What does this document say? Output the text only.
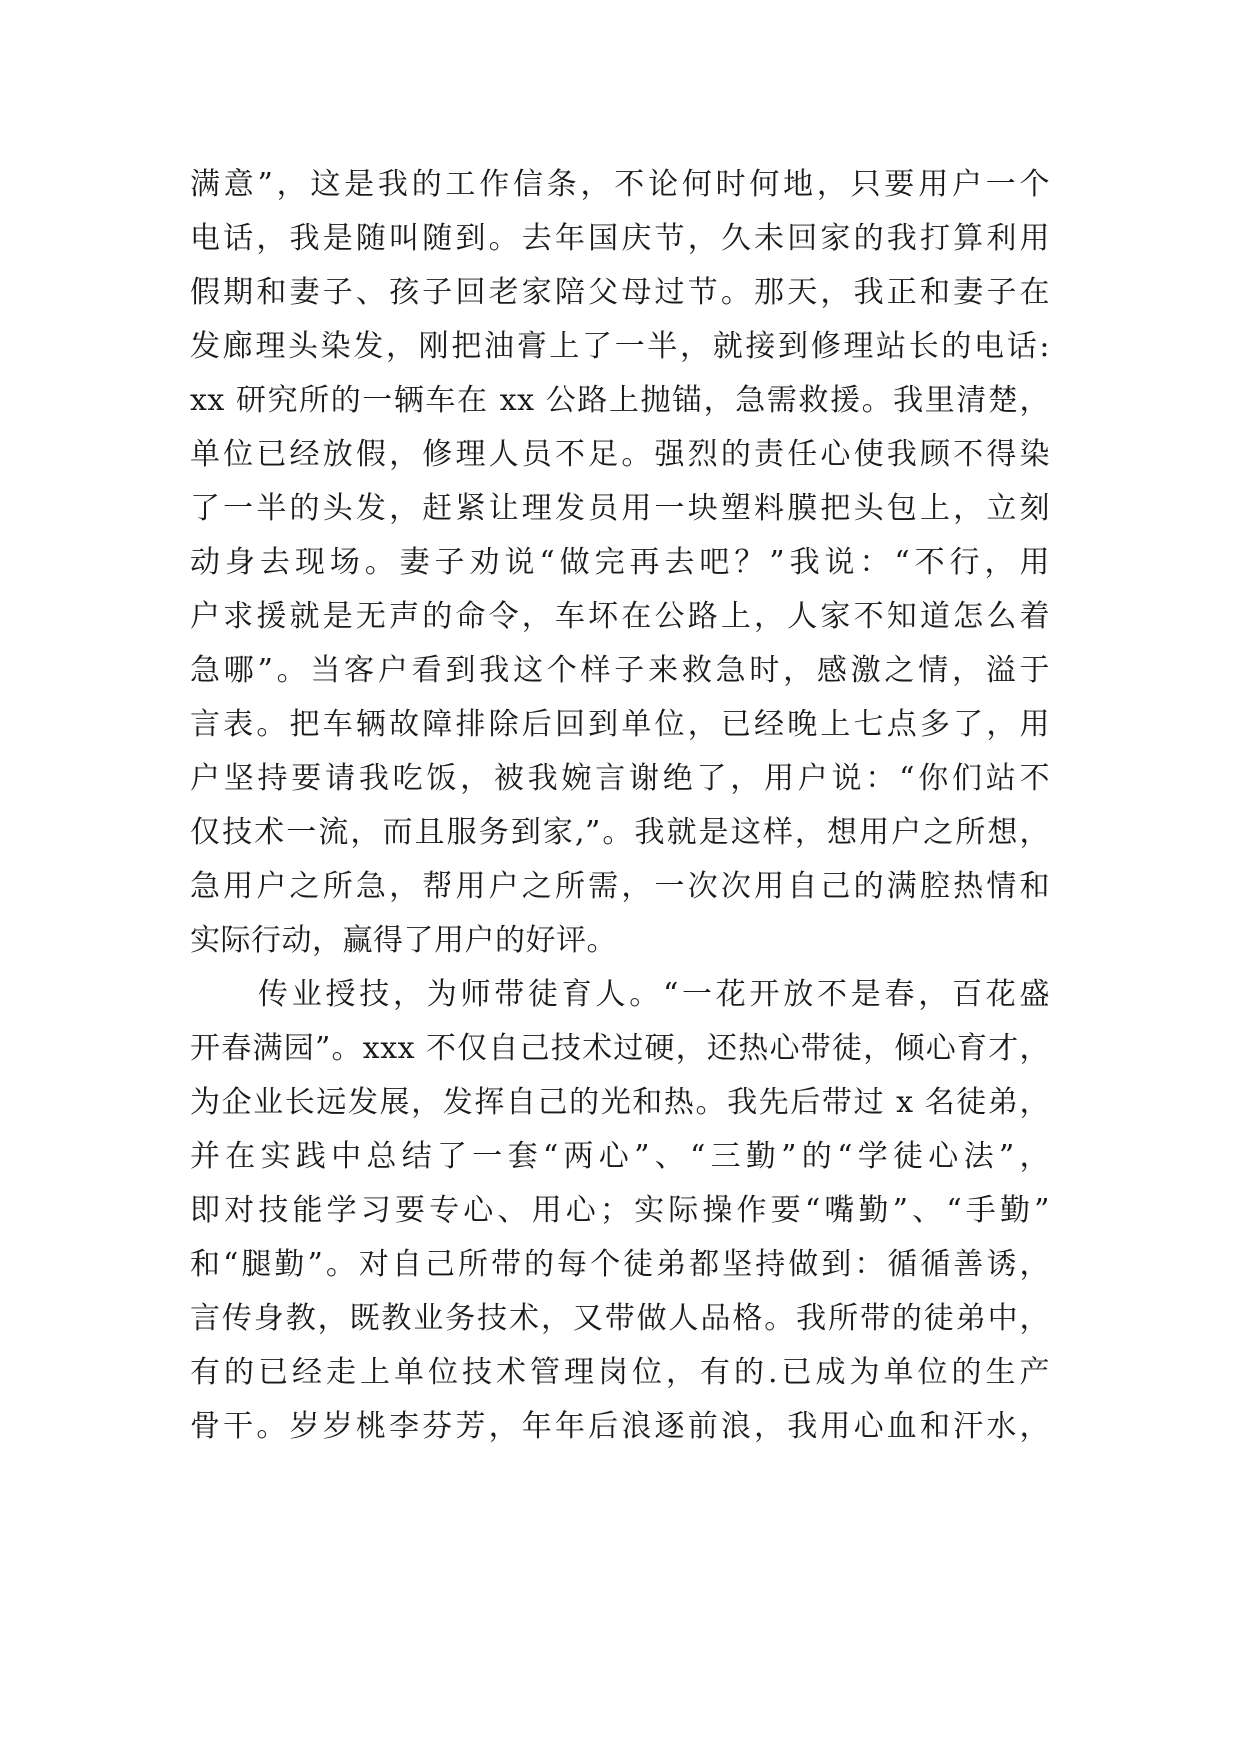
满意”，这是我的工作信条，不论何时何地，只要用户一个
电话，我是随叫随到。去年国庆节，久未回家的我打算利用
假期和妻子、孩子回老家陪父母过节。那天，我正和妻子在
发廊理头染发，刚把油膏上了一半，就接到修理站长的电话:
xx 研究所的一辆车在 xx 公路上抛锚，急需救援。我里清楚，
单位已经放假，修理人员不足。强烈的责任心使我顾不得染
了一半的头发，赶紧让理发员用一块塑料膜把头包上，立刻
动身去现场。妻子劝说“做完再去吧？”我说：“不行，用
户求援就是无声的命令，车坏在公路上，人家不知道怎么着
急哪”。当客户看到我这个样子来救急时，感激之情，溢于
言表。把车辆故障排除后回到单位，已经晚上七点多了，用
户坚持要请我吃饭，被我婉言谢绝了，用户说：“你们站不
仅技术一流，而且服务到家,”。我就是这样，想用户之所想，
急用户之所急，帮用户之所需，一次次用自己的满腔热情和
实际行动，赢得了用户的好评。
传业授技，为师带徒育人。“一花开放不是春，百花盛
开春满园”。xxx 不仅自己技术过硬，还热心带徒，倾心育才，
为企业长远发展，发挥自己的光和热。我先后带过 x 名徒弟，
并在实践中总结了一套“两心”、“三勤”的“学徒心法”，
即对技能学习要专心、用心；实际操作要“嘴勤”、“手勤”
和“腿勤”。对自己所带的每个徒弟都坚持做到：循循善诱，
言传身教，既教业务技术，又带做人品格。我所带的徒弟中，
有的已经走上单位技术管理岗位，有的.已成为单位的生产
骨干。岁岁桃李芬芳，年年后浪逐前浪，我用心血和汗水，
